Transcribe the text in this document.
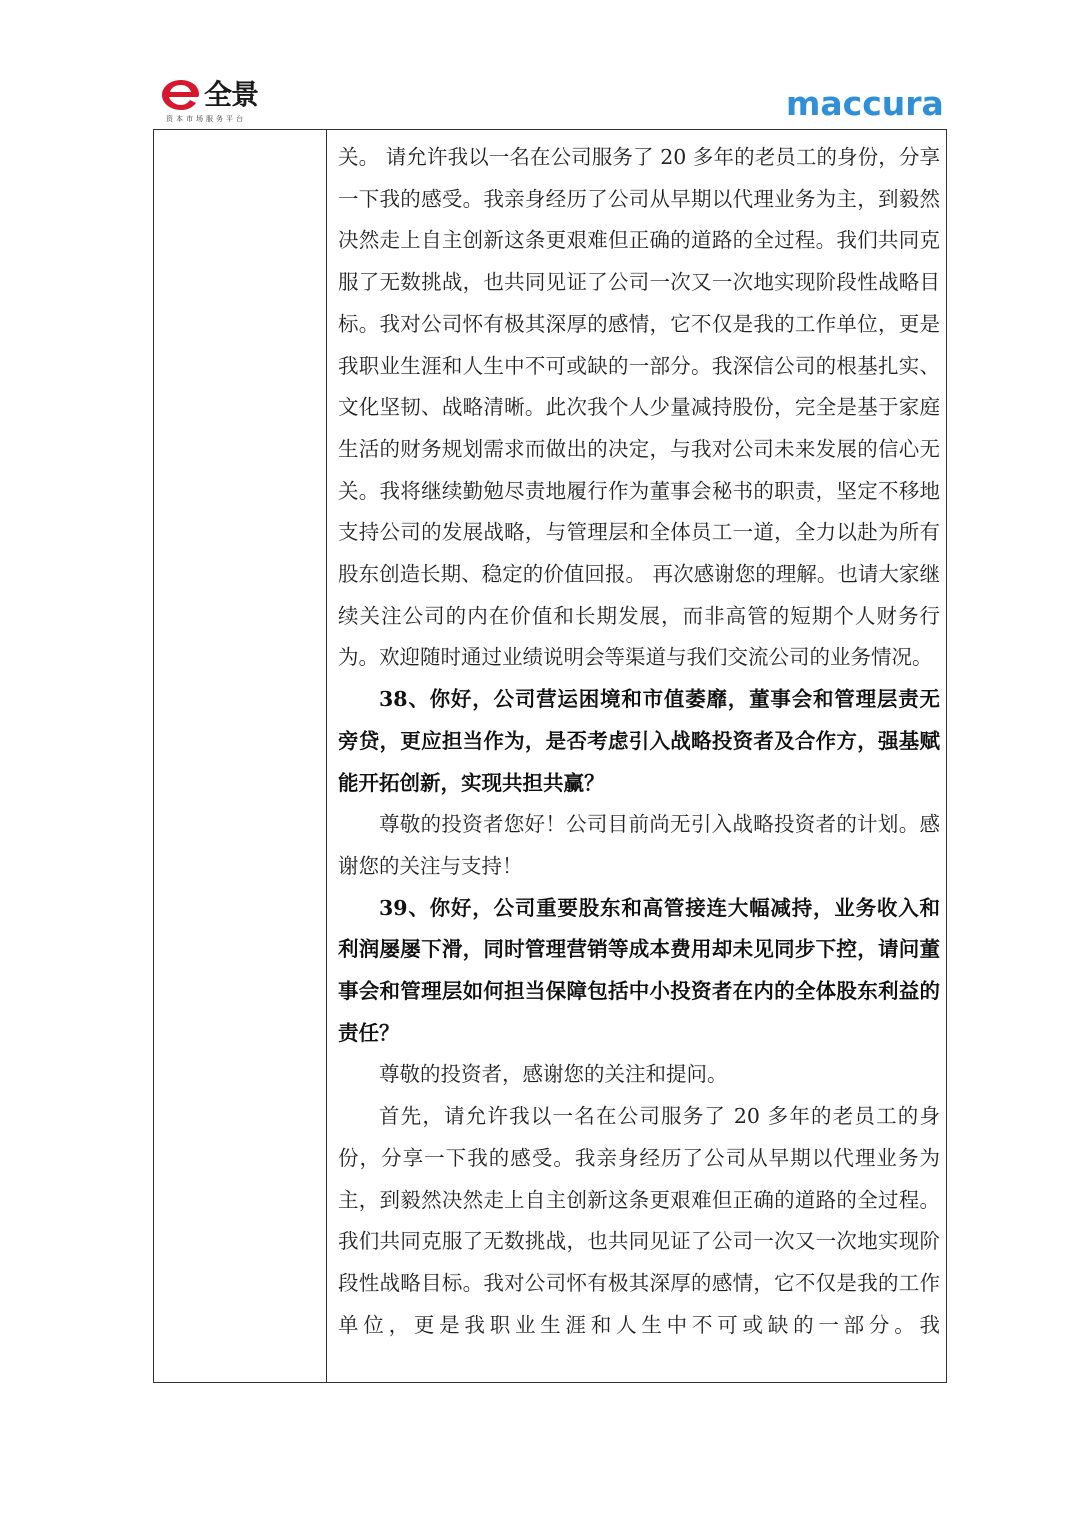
全景
资本市场服务平台	maccura

关。 请允许我以一名在公司服务了 20 多年的老员工的身份，分享一下我的感受。我亲身经历了公司从早期以代理业务为主，到毅然决然走上自主创新这条更艰难但正确的道路的全过程。我们共同克服了无数挑战，也共同见证了公司一次又一次地实现阶段性战略目标。我对公司怀有极其深厚的感情，它不仅是我的工作单位，更是我职业生涯和人生中不可或缺的一部分。我深信公司的根基扎实、文化坚韧、战略清晰。此次我个人少量减持股份，完全是基于家庭生活的财务规划需求而做出的决定，与我对公司未来发展的信心无关。我将继续勤勉尽责地履行作为董事会秘书的职责，坚定不移地支持公司的发展战略，与管理层和全体员工一道，全力以赴为所有股东创造长期、稳定的价值回报。 再次感谢您的理解。也请大家继续关注公司的内在价值和长期发展，而非高管的短期个人财务行为。欢迎随时通过业绩说明会等渠道与我们交流公司的业务情况。

38、你好，公司营运困境和市值萎靡，董事会和管理层责无旁贷，更应担当作为，是否考虑引入战略投资者及合作方，强基赋能开拓创新，实现共担共赢？

尊敬的投资者您好！公司目前尚无引入战略投资者的计划。感谢您的关注与支持！

39、你好，公司重要股东和高管接连大幅减持，业务收入和利润屡屡下滑，同时管理营销等成本费用却未见同步下控，请问董事会和管理层如何担当保障包括中小投资者在内的全体股东利益的责任？

尊敬的投资者，感谢您的关注和提问。

首先，请允许我以一名在公司服务了 20 多年的老员工的身份，分享一下我的感受。我亲身经历了公司从早期以代理业务为主，到毅然决然走上自主创新这条更艰难但正确的道路的全过程。我们共同克服了无数挑战，也共同见证了公司一次又一次地实现阶段性战略目标。我对公司怀有极其深厚的感情，它不仅是我的工作单位，更是我职业生涯和人生中不可或缺的一部分。我
